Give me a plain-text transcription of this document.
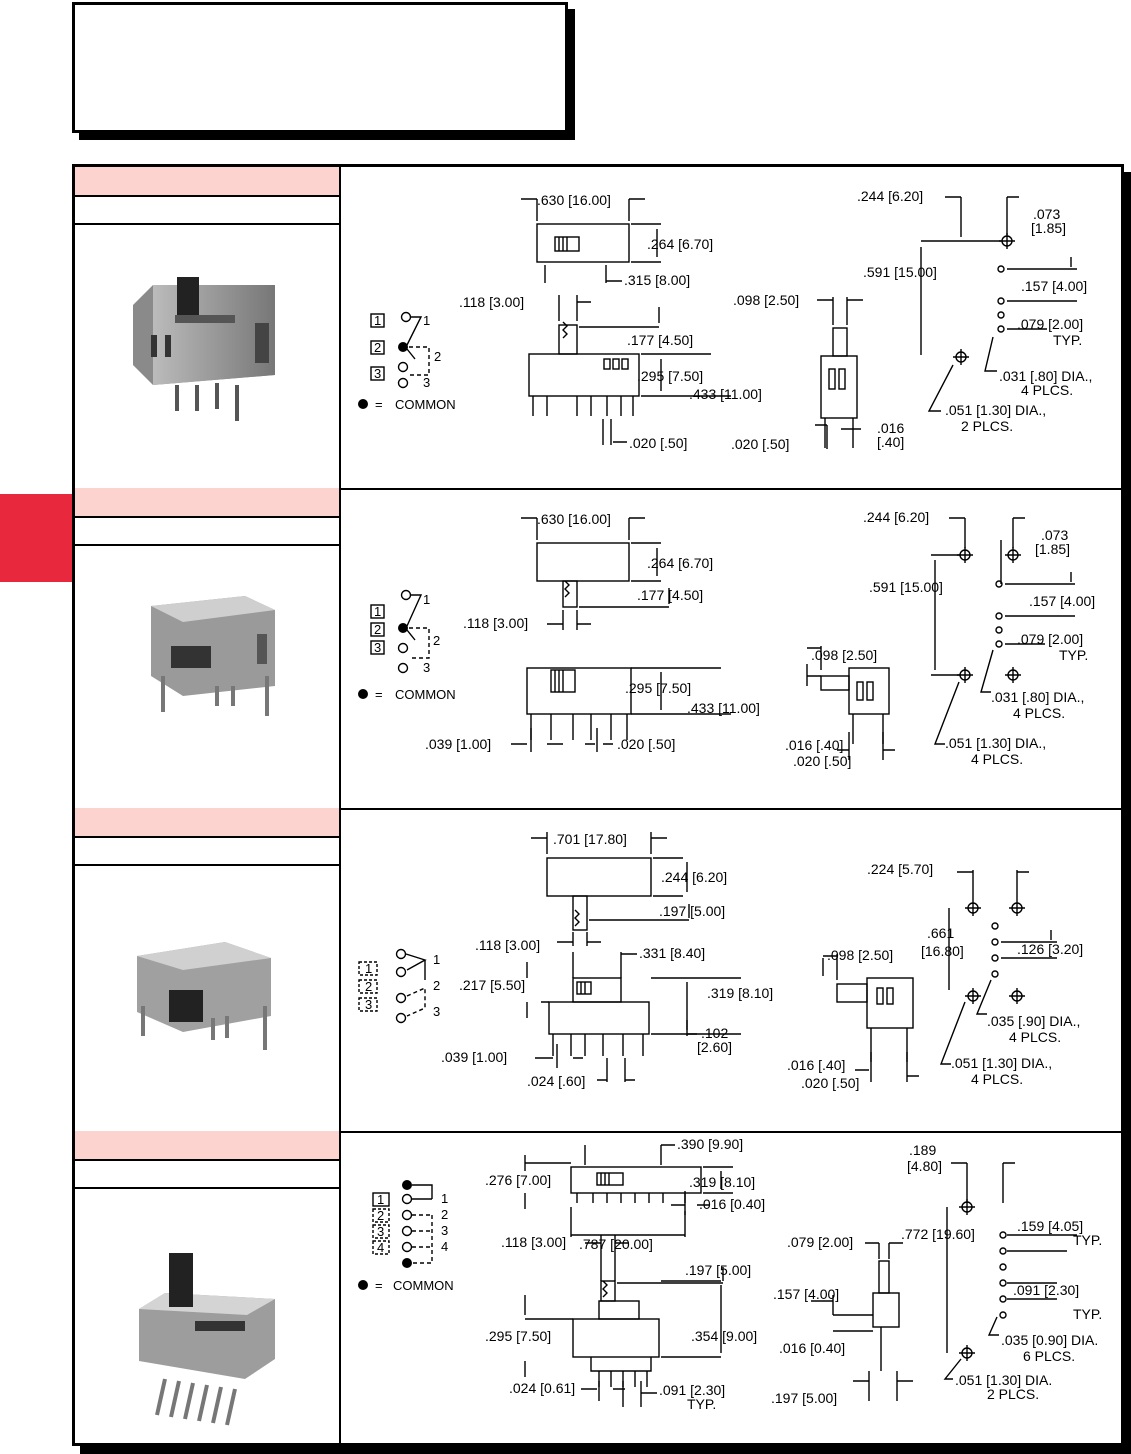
1
2
3
1
2
3
= COMMON
.630 [16.00]
.264 [6.70]
.315 [8.00]
.118 [3.00]
.177 [4.50]
.295 [7.50]
.433 [11.00]
.020 [.50]
.098 [2.50]
.020 [.50]
.016
[.40]
.244 [6.20]
.073
[1.85]
.591 [15.00]
.157 [4.00]
.079 [2.00]
TYP.
.031 [.80] DIA.,
4 PLCS.
.051 [1.30] DIA.,
2 PLCS.
1
2
3
1
2
3
= COMMON
.630 [16.00]
.264 [6.70]
.177 [4.50]
.118 [3.00]
.295 [7.50]
.433 [11.00]
.039 [1.00]	.020 [.50]
.098 [2.50]
.016 [.40]
.020 [.50]
.244 [6.20]
.073
[1.85]
.591 [15.00]
.157 [4.00]
.079 [2.00]
TYP.
.031 [.80] DIA.,
4 PLCS.
.051 [1.30] DIA.,
4 PLCS.
1
2
3
1
2
3
.701 [17.80]
.244 [6.20]
.197 [5.00]
.118 [3.00]	.331 [8.40]
.217 [5.50]	.319 [8.10]
.039 [1.00]
.102
[2.60]
.024 [.60]
.098 [2.50]
.016 [.40]
.020 [.50]
.224 [5.70]
.661
[16.80]	.126 [3.20]
.035 [.90] DIA.,
4 PLCS.
.051 [1.30] DIA.,
4 PLCS.
1
2
3
4
1
2
3
4
= COMMON
.390 [9.90]
.276 [7.00]	.319 [8.10]
.016 [0.40]
.787 [20.00]
.118 [3.00]
.197 [5.00]
.295 [7.50]	.354 [9.00]
.024 [0.61]	.091 [2.30]
TYP.
.079 [2.00]
.157 [4.00]
.016 [0.40]
.197 [5.00]
.189
[4.80]
.772 [19.60]	.159 [4.05]
TYP.
.091 [2.30]
TYP.
.035 [0.90] DIA.
6 PLCS.
.051 [1.30] DIA.
2 PLCS.
